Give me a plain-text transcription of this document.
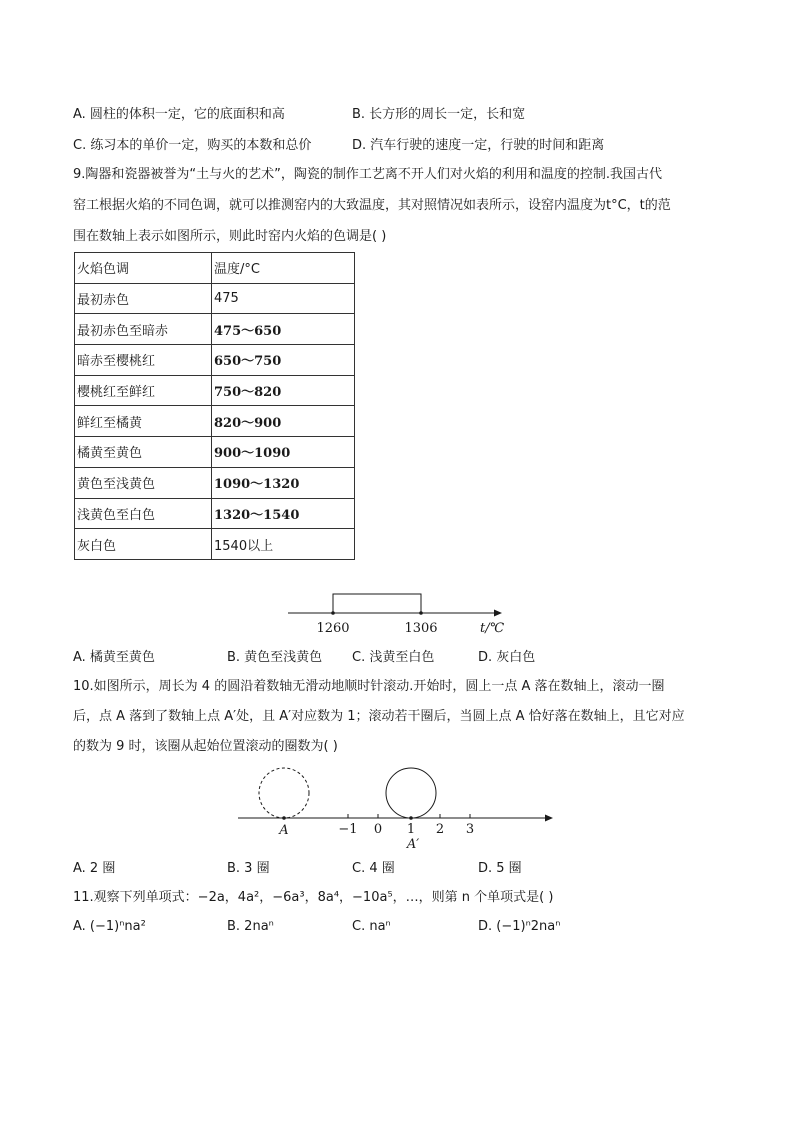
A. 圆柱的体积一定，它的底面积和高	B. 长方形的周长一定，长和宽
C. 练习本的单价一定，购买的本数和总价	D. 汽车行驶的速度一定，行驶的时间和距离
9.陶器和瓷器被誉为“土与火的艺术”，陶瓷的制作工艺离不开人们对火焰的利用和温度的控制.我国古代
窑工根据火焰的不同色调，就可以推测窑内的大致温度，其对照情况如表所示，设窑内温度为t°C，t的范
围在数轴上表示如图所示，则此时窑内火焰的色调是( )
火焰色调	温度/°C
最初赤色	475
最初赤色至暗赤	475～650
暗赤至樱桃红	650～750
樱桃红至鲜红	750～820
鲜红至橘黄	820～900
橘黄至黄色	900～1090
黄色至浅黄色	1090～1320
浅黄色至白色	1320～1540
灰白色	1540以上
1260	1306	t/℃
A. 橘黄至黄色	B. 黄色至浅黄色 C. 浅黄至白色	D. 灰白色
10.如图所示，周长为 4 的圆沿着数轴无滑动地顺时针滚动.开始时，圆上一点 A 落在数轴上，滚动一圈
后，点 A 落到了数轴上点 A′处，且 A′对应数为 1；滚动若干圈后，当圆上点 A 恰好落在数轴上，且它对应
的数为 9 时，该圈从起始位置滚动的圈数为( )
A	−1 0 1 2 3
A′
A. 2 圈	B. 3 圈	C. 4 圈	D. 5 圈
11.观察下列单项式：−2a，4a²，−6a³，8a⁴，−10a⁵，…，则第 n 个单项式是( )
A. (−1)ⁿna²	B. 2naⁿ	C. naⁿ	D. (−1)ⁿ2naⁿ
